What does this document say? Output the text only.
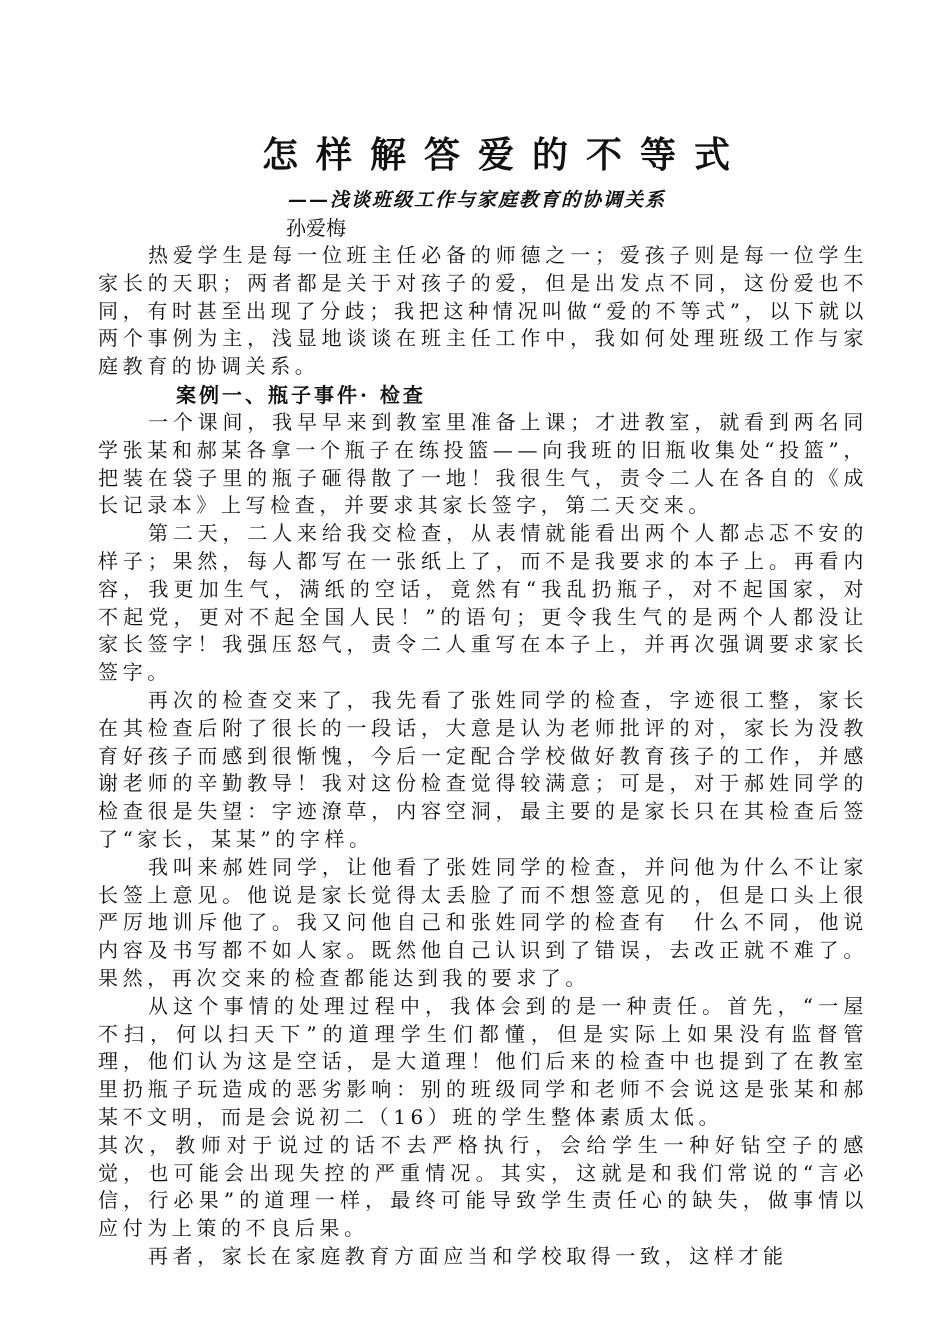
怎样解答爱的不等式
——浅谈班级工作与家庭教育的协调关系
孙爱梅

热爱学生是每一位班主任必备的师德之一；爱孩子则是每一位学生家长的天职；两者都是关于对孩子的爱，但是出发点不同，这份爱也不同，有时甚至出现了分歧；我把这种情况叫做“爱的不等式”，以下就以两个事例为主，浅显地谈谈在班主任工作中，我如何处理班级工作与家庭教育的协调关系。

案例一、瓶子事件· 检查

一个课间，我早早来到教室里准备上课；才进教室，就看到两名同学张某和郝某各拿一个瓶子在练投篮——向我班的旧瓶收集处“投篮”，把装在袋子里的瓶子砸得散了一地！我很生气，责令二人在各自的《成长记录本》上写检查，并要求其家长签字，第二天交来。

第二天，二人来给我交检查，从表情就能看出两个人都忐忑不安的样子；果然，每人都写在一张纸上了，而不是我要求的本子上。再看内容，我更加生气，满纸的空话，竟然有“我乱扔瓶子，对不起国家，对不起党，更对不起全国人民！”的语句；更令我生气的是两个人都没让家长签字！我强压怒气，责令二人重写在本子上，并再次强调要求家长签字。

再次的检查交来了，我先看了张姓同学的检查，字迹很工整，家长在其检查后附了很长的一段话，大意是认为老师批评的对，家长为没教育好孩子而感到很惭愧，今后一定配合学校做好教育孩子的工作，并感谢老师的辛勤教导！我对这份检查觉得较满意；可是，对于郝姓同学的检查很是失望：字迹潦草，内容空洞，最主要的是家长只在其检查后签了“家长，某某”的字样。

我叫来郝姓同学，让他看了张姓同学的检查，并问他为什么不让家长签上意见。他说是家长觉得太丢脸了而不想签意见的，但是口头上很严厉地训斥他了。我又问他自己和张姓同学的检查有　什么不同，他说内容及书写都不如人家。既然他自己认识到了错误，去改正就不难了。果然，再次交来的检查都能达到我的要求了。

从这个事情的处理过程中，我体会到的是一种责任。首先，“一屋不扫，何以扫天下”的道理学生们都懂，但是实际上如果没有监督管理，他们认为这是空话，是大道理！他们后来的检查中也提到了在教室里扔瓶子玩造成的恶劣影响：别的班级同学和老师不会说这是张某和郝某不文明，而是会说初二（16）班的学生整体素质太低。

其次，教师对于说过的话不去严格执行，会给学生一种好钻空子的感觉，也可能会出现失控的严重情况。其实，这就是和我们常说的“言必信，行必果”的道理一样，最终可能导致学生责任心的缺失，做事情以应付为上策的不良后果。

再者，家长在家庭教育方面应当和学校取得一致，这样才能
